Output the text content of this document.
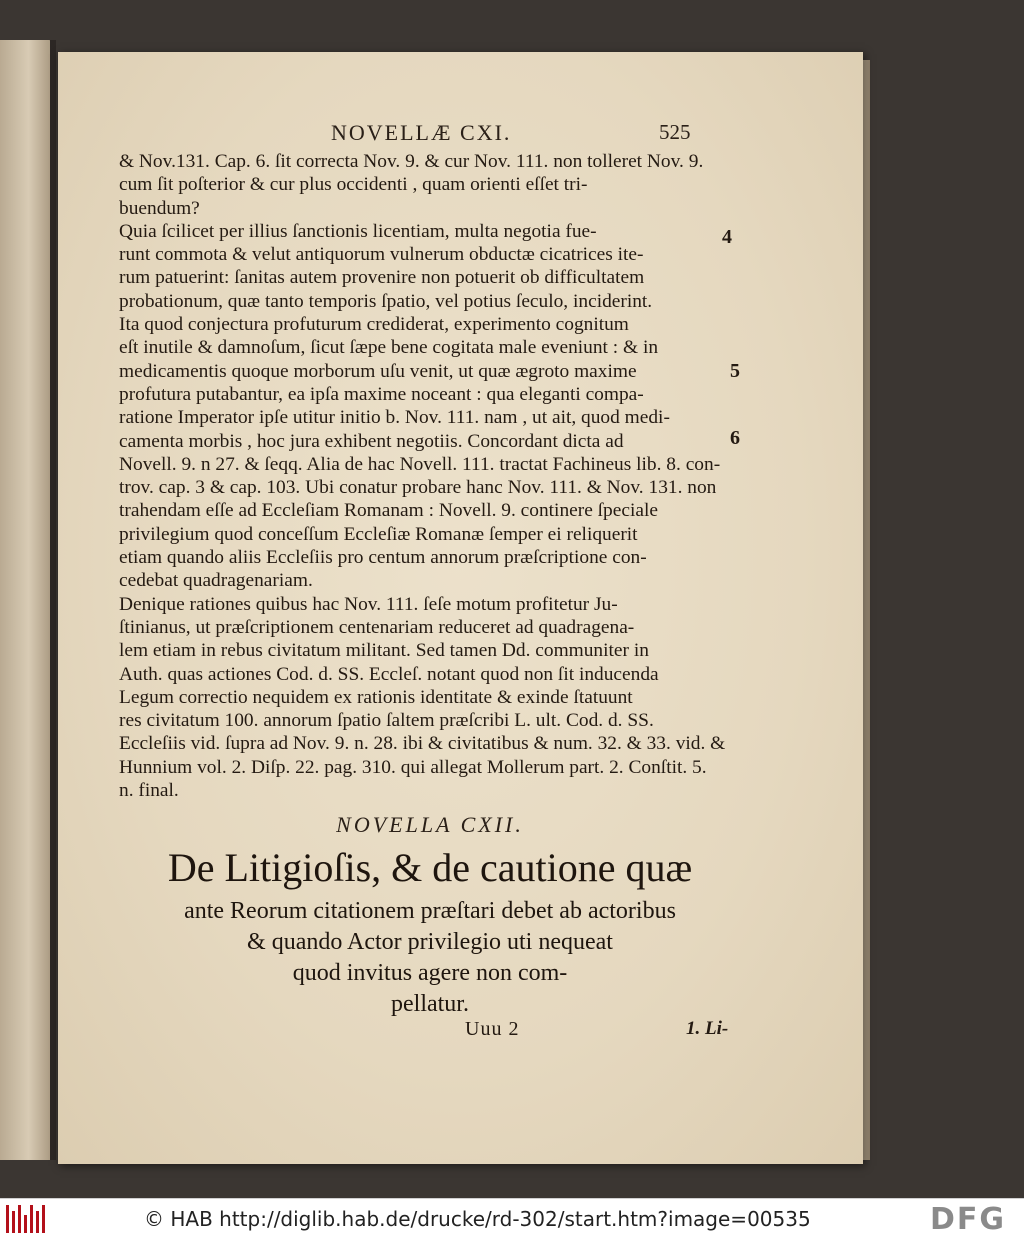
NOVELLÆ CXI.	525
& Nov.131. Cap. 6. ſit correcta Nov. 9. & cur Nov. 111. non tolleret Nov. 9.
cum ſit poſterior & cur plus occidenti , quam orienti eſſet tri-
buendum?
Quia ſcilicet per illius ſanctionis licentiam, multa negotia fue-
runt commota & velut antiquorum vulnerum obductæ cicatrices ite-
rum patuerint: ſanitas autem provenire non potuerit ob difficultatem
probationum, quæ tanto temporis ſpatio, vel potius ſeculo, inciderint.
Ita quod conjectura profuturum crediderat, experimento cognitum
eſt inutile & damnoſum, ſicut ſæpe bene cogitata male eveniunt : & in
medicamentis quoque morborum uſu venit, ut quæ ægroto maxime
profutura putabantur, ea ipſa maxime noceant : qua eleganti compa-
ratione Imperator ipſe utitur initio b. Nov. 111. nam , ut ait, quod medi-
camenta morbis , hoc jura exhibent negotiis. Concordant dicta ad
Novell. 9. n 27. & ſeqq. Alia de hac Novell. 111. tractat Fachineus lib. 8. con-
trov. cap. 3 & cap. 103. Ubi conatur probare hanc Nov. 111. & Nov. 131. non
trahendam eſſe ad Eccleſiam Romanam : Novell. 9. continere ſpeciale
privilegium quod conceſſum Eccleſiæ Romanæ ſemper ei reliquerit
etiam quando aliis Eccleſiis pro centum annorum præſcriptione con-
cedebat quadragenariam.
Denique rationes quibus hac Nov. 111. ſeſe motum profitetur Ju-
ſtinianus, ut præſcriptionem centenariam reduceret ad quadragena-
lem etiam in rebus civitatum militant. Sed tamen Dd. communiter in
Auth. quas actiones Cod. d. SS. Eccleſ. notant quod non ſit inducenda
Legum correctio nequidem ex rationis identitate & exinde ſtatuunt
res civitatum 100. annorum ſpatio ſaltem præſcribi L. ult. Cod. d. SS.
Eccleſiis vid. ſupra ad Nov. 9. n. 28. ibi & civitatibus & num. 32. & 33. vid. &
Hunnium vol. 2. Diſp. 22. pag. 310. qui allegat Mollerum part. 2. Conſtit. 5.
n. final.
4
5
6
NOVELLA CXII.
De Litigioſis, & de cautione quæ
ante Reorum citationem præſtari debet ab actoribus
& quando Actor privilegio uti nequeat
quod invitus agere non com-
pellatur.
Uuu 2	1. Li-
© HAB http://diglib.hab.de/drucke/rd-302/start.htm?image=00535	DFG
